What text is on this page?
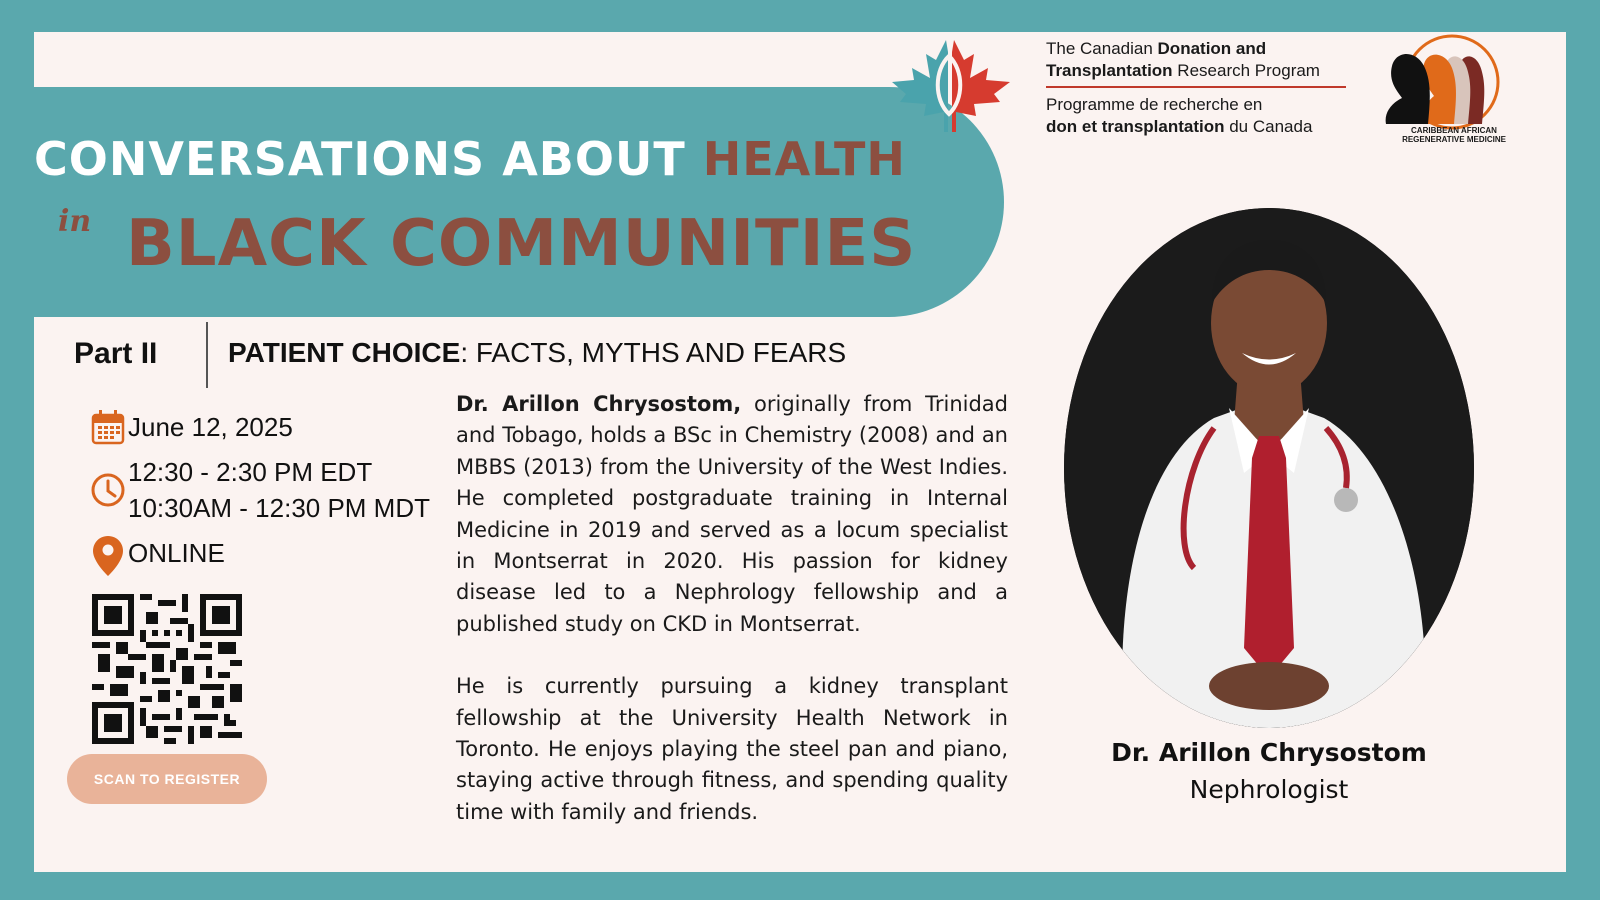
CONVERSATIONS ABOUT HEALTH
in BLACK COMMUNITIES
The Canadian Donation and
Transplantation Research Program
Programme de recherche en
don et transplantation du Canada	CARIBBEAN AFRICAN
REGENERATIVE MEDICINE
Part II	PATIENT CHOICE: FACTS, MYTHS AND FEARS
June 12, 2025
12:30 - 2:30 PM EDT
10:30AM - 12:30 PM MDT
ONLINE
SCAN TO REGISTER

Dr. Arillon Chrysostom, originally from Trinidad and Tobago, holds a BSc in Chemistry (2008) and an MBBS (2013) from the University of the West Indies. He completed postgraduate training in Internal Medicine in 2019 and served as a locum specialist in Montserrat in 2020. His passion for kidney disease led to a Nephrology fellowship and a published study on CKD in Montserrat.

He is currently pursuing a kidney transplant fellowship at the University Health Network in Toronto. He enjoys playing the steel pan and piano, staying active through fitness, and spending quality time with family and friends.

Dr. Arillon Chrysostom
Nephrologist
